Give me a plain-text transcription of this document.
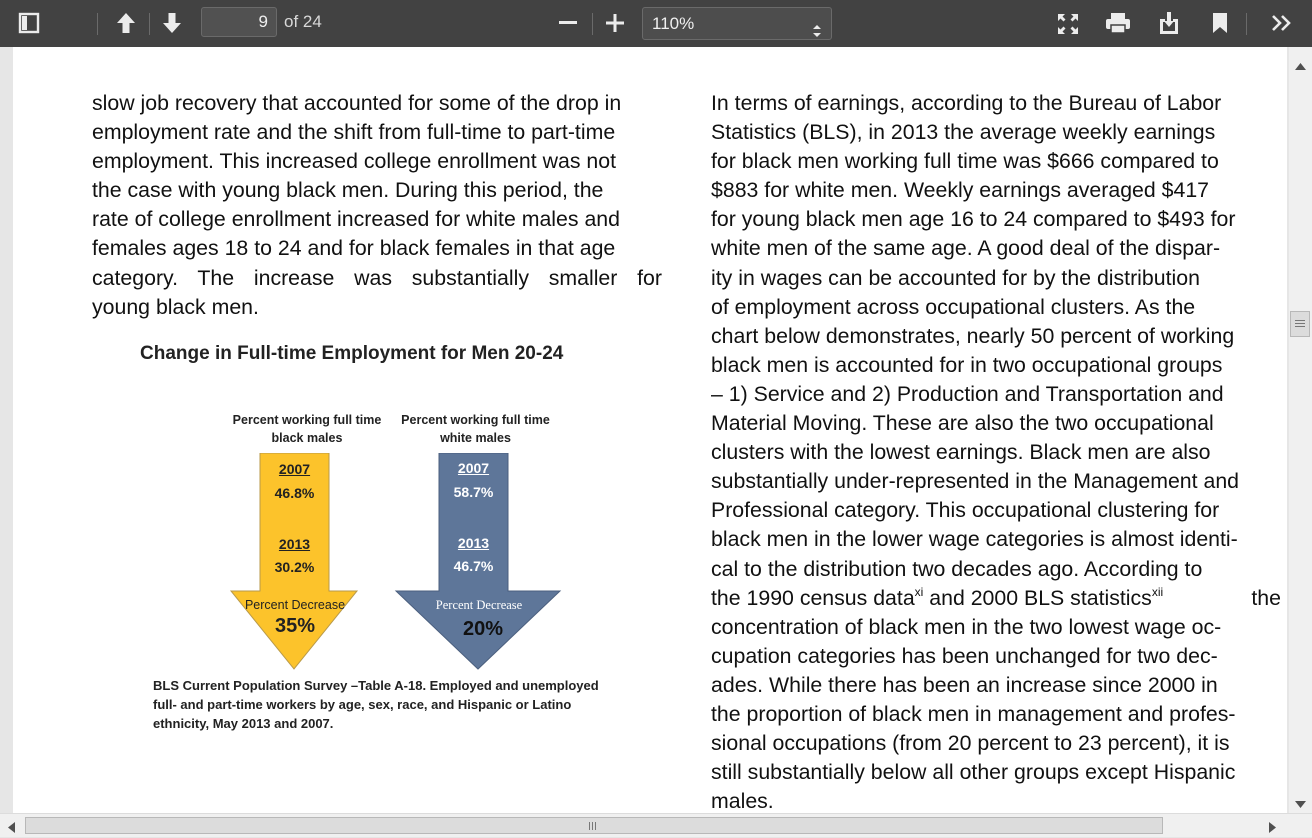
9 of 24	110%
slow job recovery that accounted for some of the drop in
employment rate and the shift from full-time to part-time
employment. This increased college enrollment was not
the case with young black men. During this period, the
rate of college enrollment increased for white males and
females ages 18 to 24 and for black females in that age
category. The increase was substantially smaller for
young black men.
Change in Full-time Employment for Men 20-24
Percent working full time
black males
Percent working full time
white males
2007
46.8%
2013
30.2%
Percent Decrease
35%
2007
58.7%
2013
46.7%
Percent Decrease
20%
BLS Current Population Survey –Table A-18. Employed and unemployed
full- and part-time workers by age, sex, race, and Hispanic or Latino
ethnicity, May 2013 and 2007.
In terms of earnings, according to the Bureau of Labor
Statistics (BLS), in 2013 the average weekly earnings
for black men working full time was $666 compared to
$883 for white men. Weekly earnings averaged $417
for young black men age 16 to 24 compared to $493 for
white men of the same age. A good deal of the dispar-
ity in wages can be accounted for by the distribution
of employment across occupational clusters. As the
chart below demonstrates, nearly 50 percent of working
black men is accounted for in two occupational groups
– 1) Service and 2) Production and Transportation and
Material Moving. These are also the two occupational
clusters with the lowest earnings. Black men are also
substantially under-represented in the Management and
Professional category. This occupational clustering for
black men in the lower wage categories is almost identi-
cal to the distribution two decades ago. According to
the 1990 census data$^{xi}$ and 2000 BLS statistics$^{xii}$	the
concentration of black men in the two lowest wage oc-
cupation categories has been unchanged for two dec-
ades. While there has been an increase since 2000 in
the proportion of black men in management and profes-
sional occupations (from 20 percent to 23 percent), it is
still substantially below all other groups except Hispanic
males.
